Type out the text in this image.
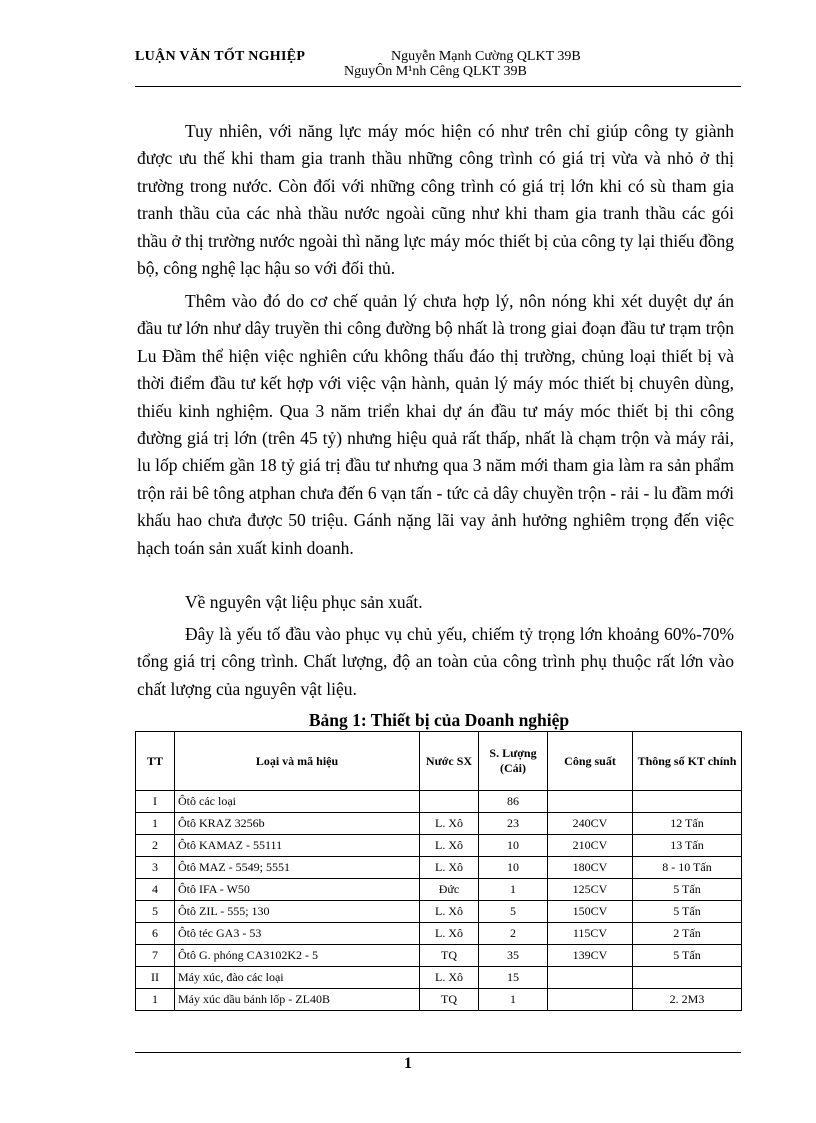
LUẬN VĂN TỐT NGHIỆP	Nguyễn Mạnh Cường QLKT 39B
NguyÔn M¹nh Cêng QLKT 39B

Tuy nhiên, với năng lực máy móc hiện có như trên chỉ giúp công ty giành được ưu thế khi tham gia tranh thầu những công trình có giá trị vừa và nhỏ ở thị trường trong nước. Còn đối với những công trình có giá trị lớn khi có sù tham gia tranh thầu của các nhà thầu nước ngoài cũng như khi tham gia tranh thầu các gói thầu ở thị trường nước ngoài thì năng lực máy móc thiết bị của công ty lại thiếu đồng bộ, công nghệ lạc hậu so với đối thủ.

Thêm vào đó do cơ chế quản lý chưa hợp lý, nôn nóng khi xét duyệt dự án đầu tư lớn như dây truyền thi công đường bộ nhất là trong giai đoạn đầu tư trạm trộn Lu Đầm thể hiện việc nghiên cứu không thấu đáo thị trường, chủng loại thiết bị và thời điểm đầu tư kết hợp với việc vận hành, quản lý máy móc thiết bị chuyên dùng, thiếu kinh nghiệm. Qua 3 năm triển khai dự án đầu tư máy móc thiết bị thi công đường giá trị lớn (trên 45 tỷ) nhưng hiệu quả rất thấp, nhất là chạm trộn và máy rải, lu lốp chiếm gần 18 tỷ giá trị đầu tư nhưng qua 3 năm mới tham gia làm ra sản phẩm trộn rải bê tông atphan chưa đến 6 vạn tấn - tức cả dây chuyền trộn - rải - lu đầm mới khấu hao chưa được 50 triệu. Gánh nặng lãi vay ảnh hưởng nghiêm trọng đến việc hạch toán sản xuất kinh doanh.

Về nguyên vật liệu phục sản xuất.

Đây là yếu tố đầu vào phục vụ chủ yếu, chiếm tỷ trọng lớn khoảng 60%-70% tổng giá trị công trình. Chất lượng, độ an toàn của công trình phụ thuộc rất lớn vào chất lượng của nguyên vật liệu.

Bảng 1: Thiết bị của Doanh nghiệp
TT	Loại và mã hiệu	Nước SX	S. Lượng (Cái)	Công suất	Thông số KT chính
I	Ôtô các loại		86		
1	Ôtô KRAZ 3256b	L. Xô	23	240CV	12 Tấn
2	Ôtô KAMAZ - 55111	L. Xô	10	210CV	13 Tấn
3	Ôtô MAZ - 5549; 5551	L. Xô	10	180CV	8 - 10 Tấn
4	Ôtô IFA - W50	Đức	1	125CV	5 Tấn
5	Ôtô ZIL - 555; 130	L. Xô	5	150CV	5 Tấn
6	Ôtô téc GA3 - 53	L. Xô	2	115CV	2 Tấn
7	Ôtô G. phóng CA3102K2 - 5	TQ	35	139CV	5 Tấn
II	Máy xúc, đào các loại	L. Xô	15		
1	Máy xúc dầu bánh lốp - ZL40B	TQ	1		2. 2M3
1
